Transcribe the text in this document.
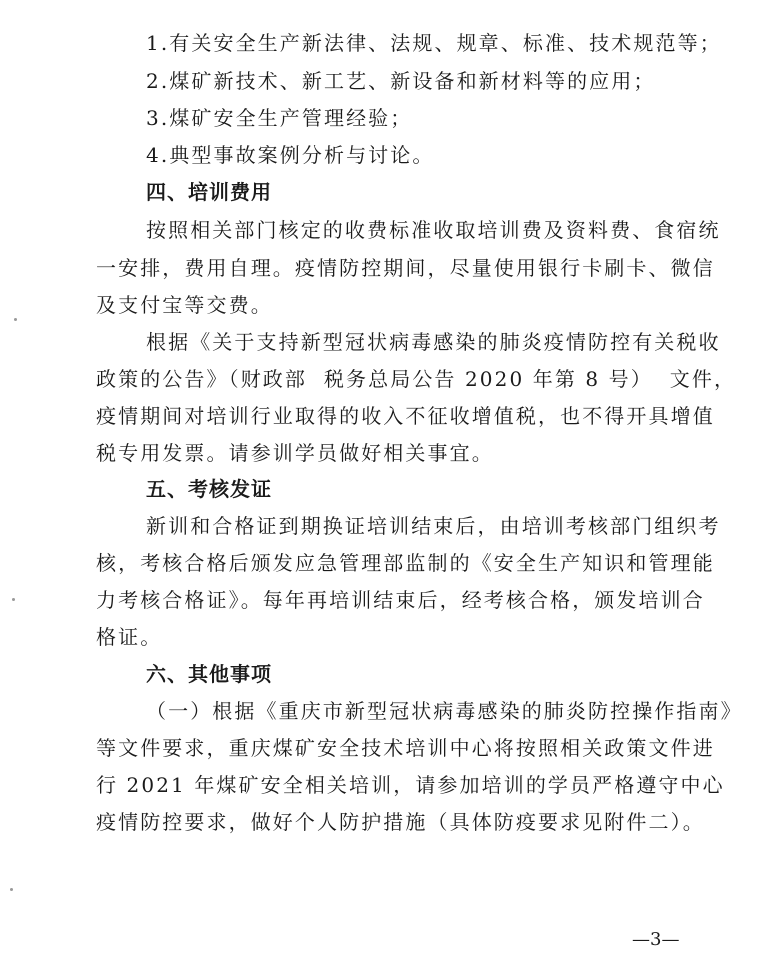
1.有关安全生产新法律、法规、规章、标准、技术规范等；
2.煤矿新技术、新工艺、新设备和新材料等的应用；
3.煤矿安全生产管理经验；
4.典型事故案例分析与讨论。
四、培训费用
按照相关部门核定的收费标准收取培训费及资料费、食宿统
一安排，费用自理。疫情防控期间，尽量使用银行卡刷卡、微信
及支付宝等交费。
根据《关于支持新型冠状病毒感染的肺炎疫情防控有关税收
政策的公告》（财政部  税务总局公告 2020 年第 8 号）  文件，
疫情期间对培训行业取得的收入不征收增值税，也不得开具增值
税专用发票。请参训学员做好相关事宜。
五、考核发证
新训和合格证到期换证培训结束后，由培训考核部门组织考
核，考核合格后颁发应急管理部监制的《安全生产知识和管理能
力考核合格证》。每年再培训结束后，经考核合格，颁发培训合
格证。
六、其他事项
（一）根据《重庆市新型冠状病毒感染的肺炎防控操作指南》
等文件要求，重庆煤矿安全技术培训中心将按照相关政策文件进
行 2021 年煤矿安全相关培训，请参加培训的学员严格遵守中心
疫情防控要求，做好个人防护措施（具体防疫要求见附件二）。
—3—
